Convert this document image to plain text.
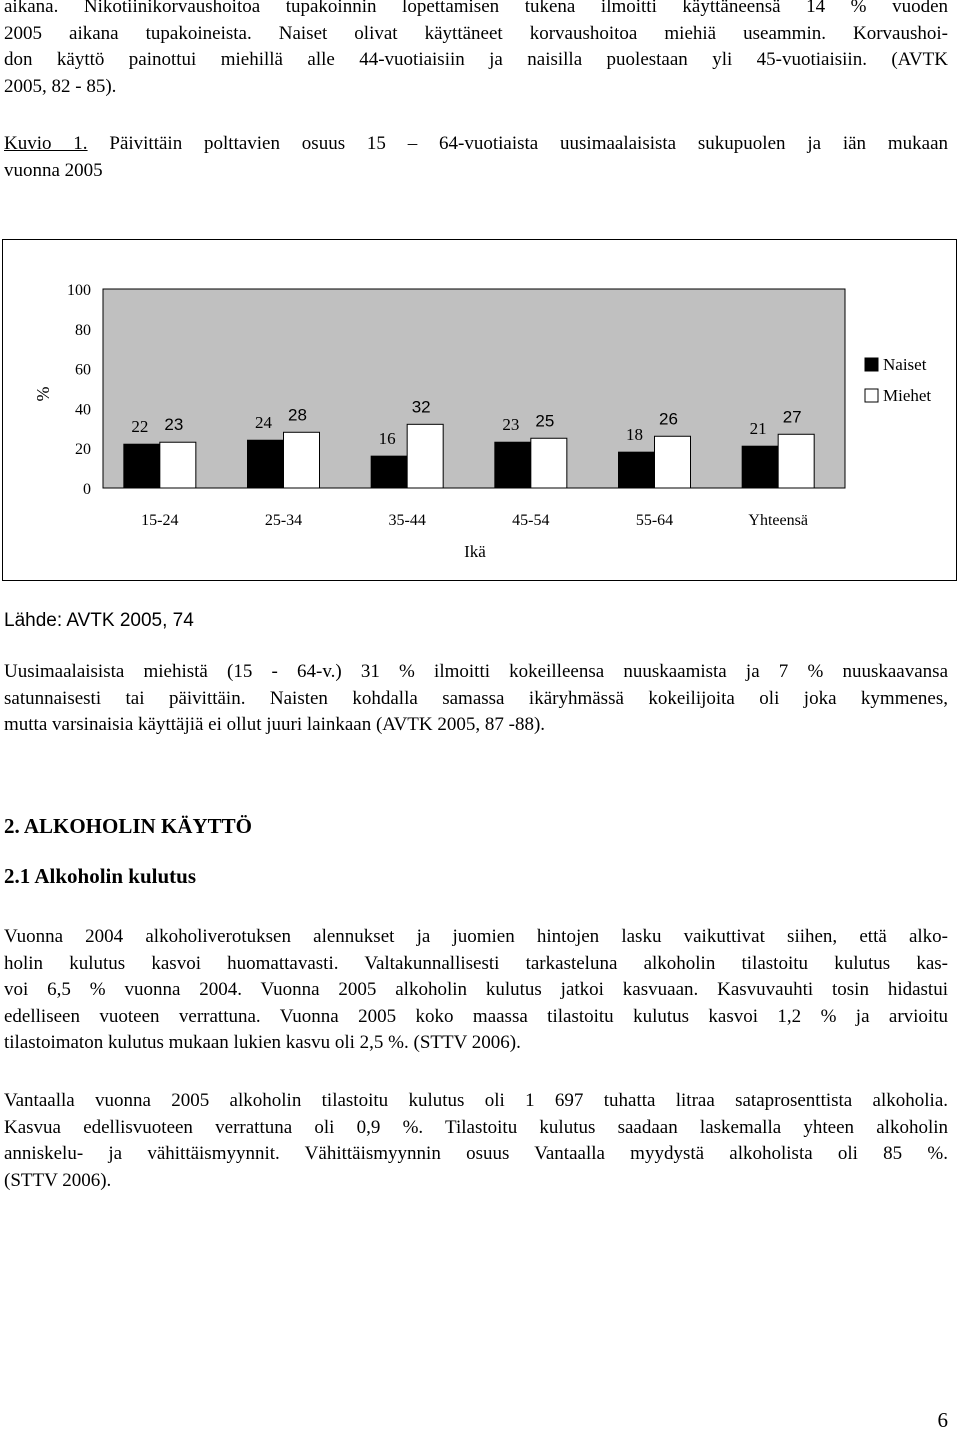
aikana. Nikotiinikorvaushoitoa tupakoinnin lopettamisen tukena ilmoitti käyttäneensä 14 % vuoden
2005 aikana tupakoineista. Naiset olivat käyttäneet korvaushoitoa miehiä useammin. Korvaushoi-
don käyttö painottui miehillä alle 44-vuotiaisiin ja naisilla puolestaan yli 45-vuotiaisiin. (AVTK
2005, 82 - 85).
Kuvio 1. Päivittäin polttavien osuus 15 – 64-vuotiaista uusimaalaisista sukupuolen ja iän mukaan
vuonna 2005
0
20
40
60
80
100
%
22 23
15-24
24 28
25-34
16
32
35-44
23 25
45-54
18
26
55-64
21
27
Yhteensä
Ikä
Naiset
Miehet
Lähde: AVTK 2005, 74
Uusimaalaisista miehistä (15 - 64-v.) 31 % ilmoitti kokeilleensa nuuskaamista ja 7 % nuuskaavansa
satunnaisesti tai päivittäin. Naisten kohdalla samassa ikäryhmässä kokeilijoita oli joka kymmenes,
mutta varsinaisia käyttäjiä ei ollut juuri lainkaan (AVTK 2005, 87 -88).
2. ALKOHOLIN KÄYTTÖ
2.1 Alkoholin kulutus
Vuonna 2004 alkoholiverotuksen alennukset ja juomien hintojen lasku vaikuttivat siihen, että alko-
holin kulutus kasvoi huomattavasti. Valtakunnallisesti tarkasteluna alkoholin tilastoitu kulutus kas-
voi 6,5 % vuonna 2004. Vuonna 2005 alkoholin kulutus jatkoi kasvuaan. Kasvuvauhti tosin hidastui
edelliseen vuoteen verrattuna. Vuonna 2005 koko maassa tilastoitu kulutus kasvoi 1,2 % ja arvioitu
tilastoimaton kulutus mukaan lukien kasvu oli 2,5 %. (STTV 2006).
Vantaalla vuonna 2005 alkoholin tilastoitu kulutus oli 1 697 tuhatta litraa sataprosenttista alkoholia.
Kasvua edellisvuoteen verrattuna oli 0,9 %. Tilastoitu kulutus saadaan laskemalla yhteen alkoholin
anniskelu- ja vähittäismyynnit. Vähittäismyynnin osuus Vantaalla myydystä alkoholista oli 85 %.
(STTV 2006).
6
